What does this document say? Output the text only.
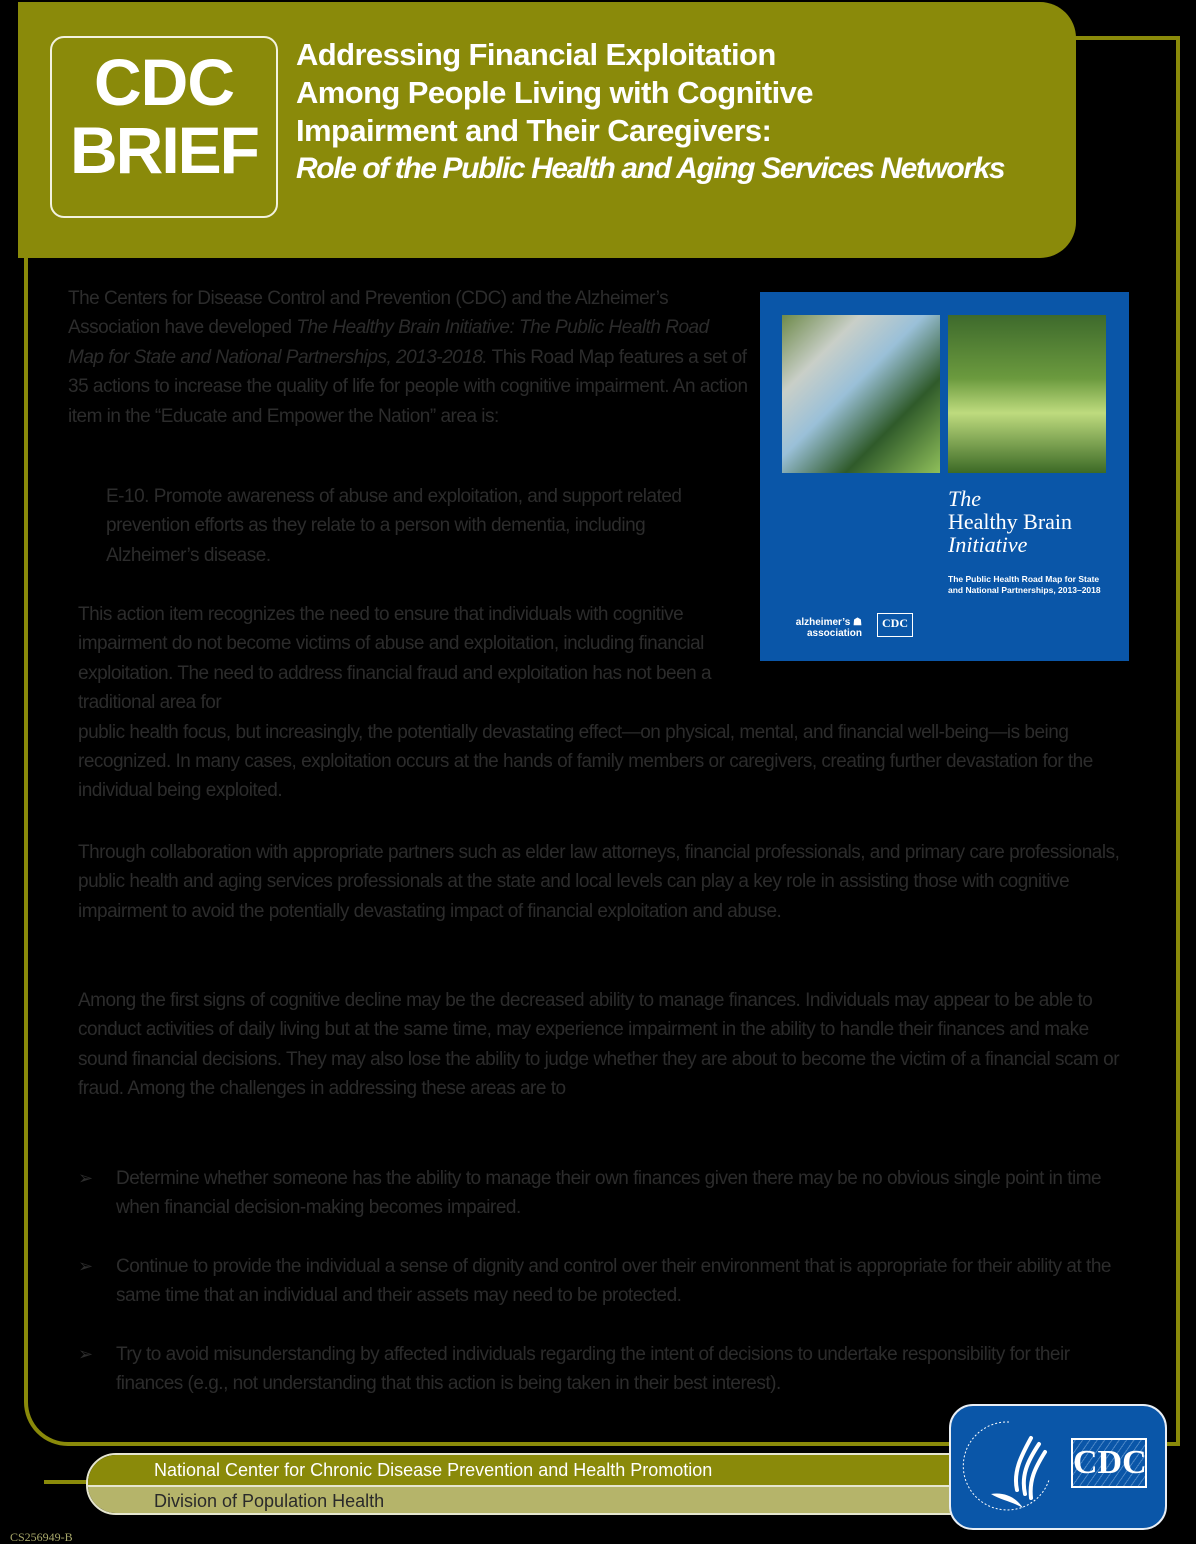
CDC
BRIEF
Addressing Financial Exploitation
Among People Living with Cognitive
Impairment and Their Caregivers:
Role of the Public Health and Aging Services Networks

The Centers for Disease Control and Prevention (CDC) and the Alzheimer’s Association have developed The Healthy Brain Initiative: The Public Health Road Map for State and National Partnerships, 2013-2018. This Road Map features a set of 35 actions to increase the quality of life for people with cognitive impairment. An action item in the “Educate and Empower the Nation” area is:

E-10. Promote awareness of abuse and exploitation, and support related prevention efforts as they relate to a person with dementia, including Alzheimer’s disease.

The
Healthy Brain
Initiative
The Public Health Road Map for State
and National Partnerships, 2013–2018
alzheimer’s ☗
association
CDC

This action item recognizes the need to ensure that individuals with cognitive impairment do not become victims of abuse and exploitation, including financial exploitation. The need to address financial fraud and exploitation has not been a traditional area for

public health focus, but increasingly, the potentially devastating effect—on physical, mental, and financial well-being—is being recognized. In many cases, exploitation occurs at the hands of family members or caregivers, creating further devastation for the individual being exploited.

Through collaboration with appropriate partners such as elder law attorneys, financial professionals, and primary care professionals, public health and aging services professionals at the state and local levels can play a key role in assisting those with cognitive impairment to avoid the potentially devastating impact of financial exploitation and abuse.

Among the first signs of cognitive decline may be the decreased ability to manage finances. Individuals may appear to be able to conduct activities of daily living but at the same time, may experience impairment in the ability to handle their finances and make sound financial decisions. They may also lose the ability to judge whether they are about to become the victim of a financial scam or fraud. Among the challenges in addressing these areas are to

➢	Determine whether someone has the ability to manage their own finances given there may be no obvious single point in time when financial decision-making becomes impaired.
➢	Continue to provide the individual a sense of dignity and control over their environment that is appropriate for their ability at the same time that an individual and their assets may need to be protected.
➢	Try to avoid misunderstanding by affected individuals regarding the intent of decisions to undertake responsibility for their finances (e.g., not understanding that this action is being taken in their best interest).
National Center for Chronic Disease Prevention and Health Promotion
Division of Population Health
CDC
CS256949-B
